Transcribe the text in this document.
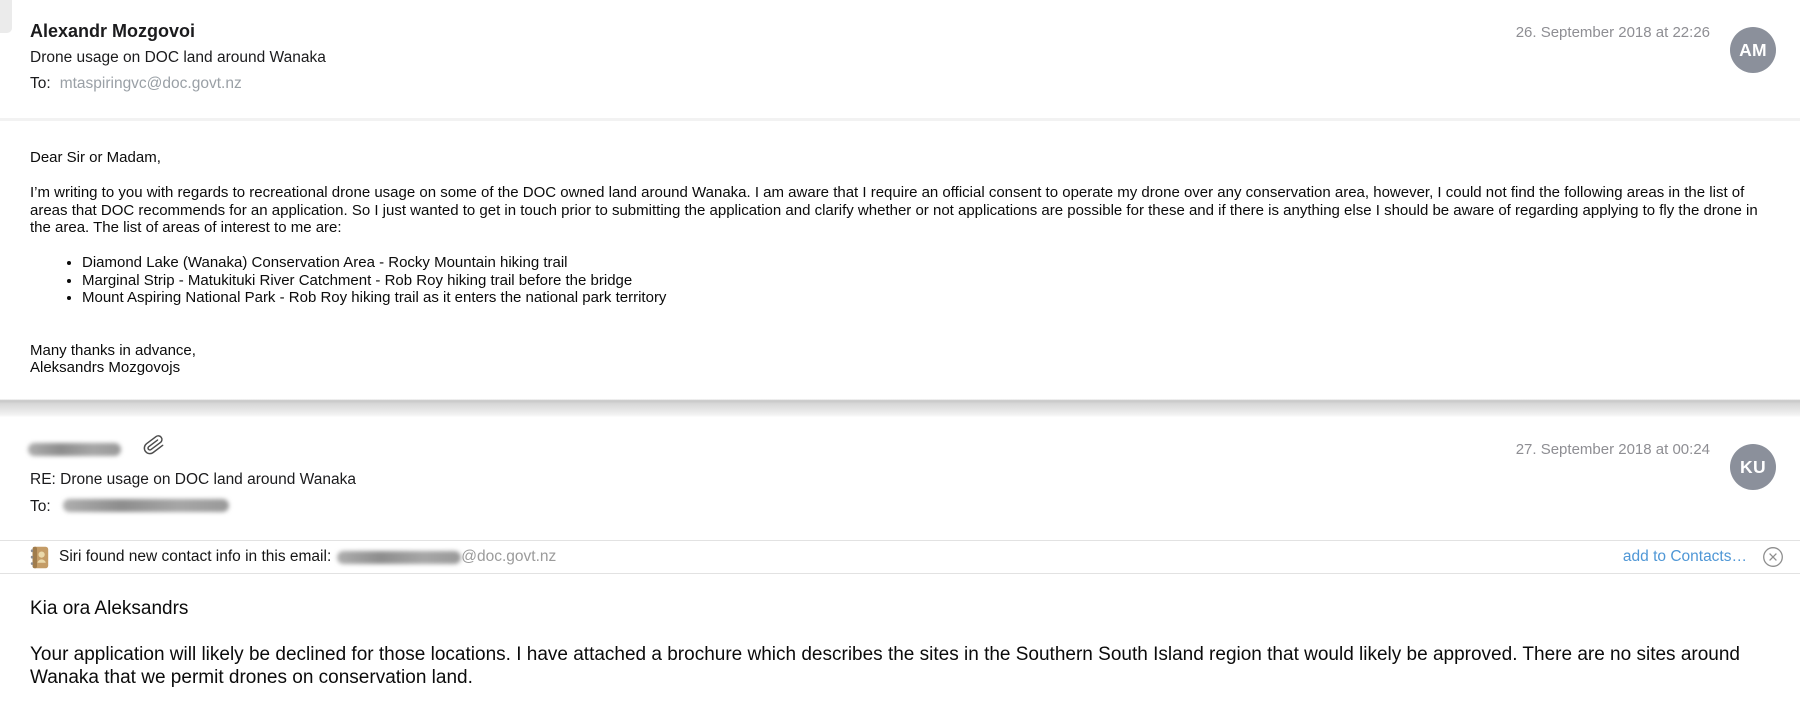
Alexandr Mozgovoi
Drone usage on DOC land around Wanaka
To: mtaspiringvc@doc.govt.nz
26. September 2018 at 22:26
AM
Dear Sir or Madam,
I’m writing to you with regards to recreational drone usage on some of the DOC owned land around Wanaka. I am aware that I require an official consent to operate my drone over any conservation area, however, I could not find the following areas in the list of areas that DOC recommends for an application. So I just wanted to get in touch prior to submitting the application and clarify whether or not applications are possible for these and if there is anything else I should be aware of regarding applying to fly the drone in the area. The list of areas of interest to me are:
• Diamond Lake (Wanaka) Conservation Area - Rocky Mountain hiking trail
• Marginal Strip - Matukituki River Catchment - Rob Roy hiking trail before the bridge
• Mount Aspiring National Park - Rob Roy hiking trail as it enters the national park territory
Many thanks in advance,
Aleksandrs Mozgovojs
RE: Drone usage on DOC land around Wanaka
To:
27. September 2018 at 00:24
KU
Siri found new contact info in this email:	@doc.govt.nz	add to Contacts…
Kia ora Aleksandrs
Your application will likely be declined for those locations. I have attached a brochure which describes the sites in the Southern South Island region that would likely be approved. There are no sites around Wanaka that we permit drones on conservation land.
